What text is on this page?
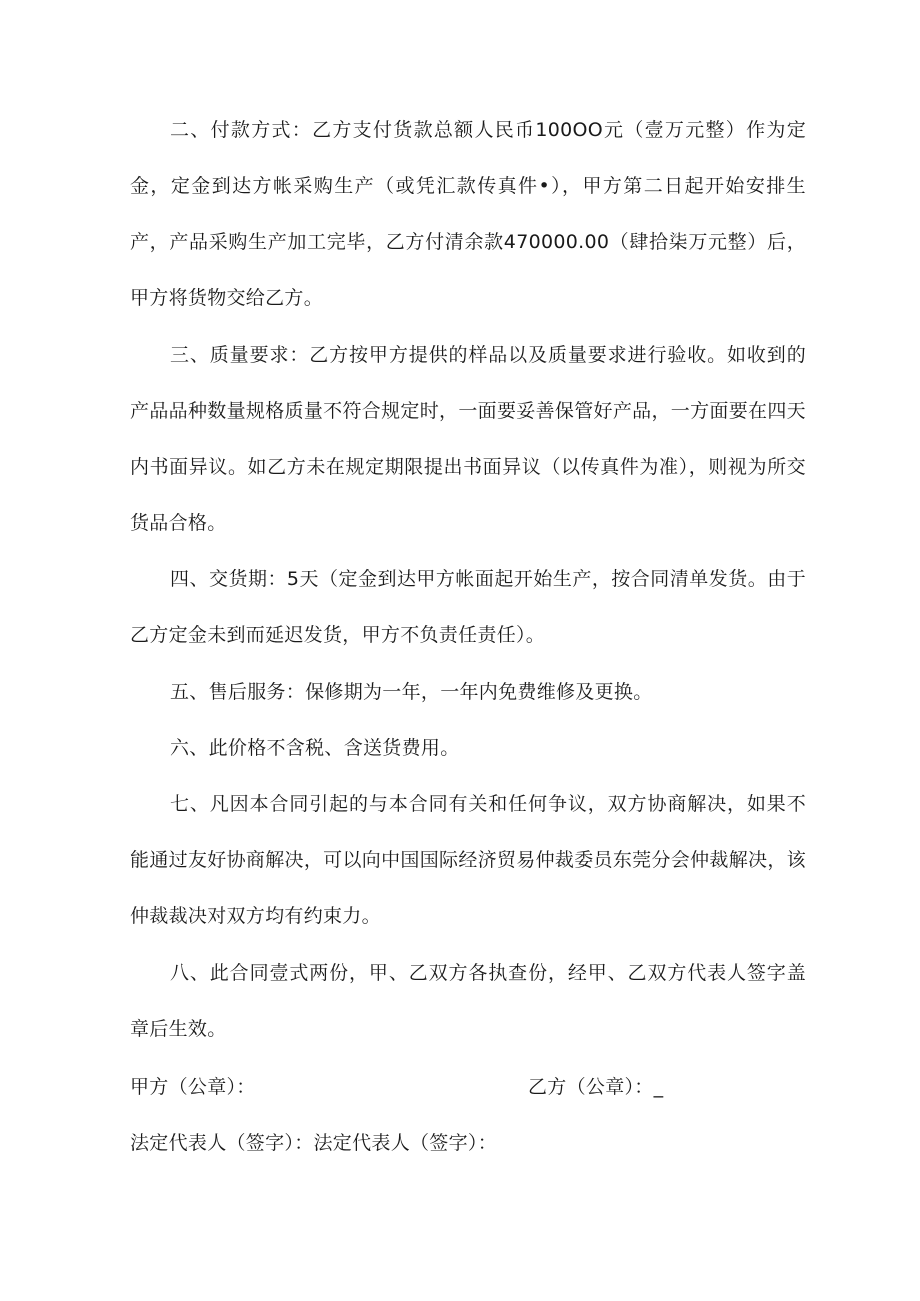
二、付款方式：乙方支付货款总额人民币100OO元（壹万元整）作为定金，定金到达方帐采购生产（或凭汇款传真件•），甲方第二日起开始安排生产，产品采购生产加工完毕，乙方付清余款470000.00（肆拾柒万元整）后，甲方将货物交给乙方。

三、质量要求：乙方按甲方提供的样品以及质量要求进行验收。如收到的产品品种数量规格质量不符合规定时，一面要妥善保管好产品，一方面要在四天内书面异议。如乙方未在规定期限提出书面异议（以传真件为准），则视为所交货品合格。

四、交货期：5天（定金到达甲方帐面起开始生产，按合同清单发货。由于乙方定金未到而延迟发货，甲方不负责任责任）。

五、售后服务：保修期为一年，一年内免费维修及更换。

六、此价格不含税、含送货费用。

七、凡因本合同引起的与本合同有关和任何争议，双方协商解决，如果不能通过友好协商解决，可以向中国国际经济贸易仲裁委员东莞分会仲裁解决，该仲裁裁决对双方均有约束力。

八、此合同壹式两份，甲、乙双方各执查份，经甲、乙双方代表人签字盖章后生效。

甲方（公章）：	乙方（公章）：_
法定代表人（签字）：法定代表人（签字）：
